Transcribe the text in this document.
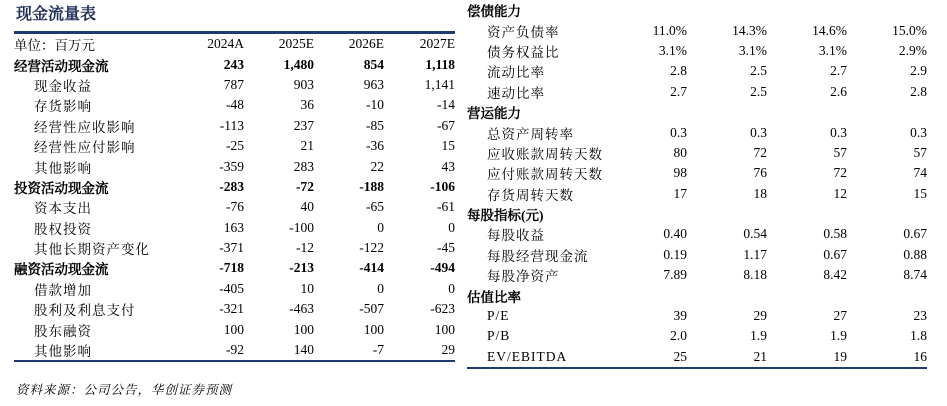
现金流量表
单位：百万元	2024A	2025E	2026E	2027E
经营活动现金流	243	1,480	854	1,118
现金收益	787	903	963	1,141
存货影响	-48	36	-10	-14
经营性应收影响	-113	237	-85	-67
经营性应付影响	-25	21	-36	15
其他影响	-359	283	22	43
投资活动现金流	-283	-72	-188	-106
资本支出	-76	40	-65	-61
股权投资	163	-100	0	0
其他长期资产变化	-371	-12	-122	-45
融资活动现金流	-718	-213	-414	-494
借款增加	-405	10	0	0
股利及利息支付	-321	-463	-507	-623
股东融资	100	100	100	100
其他影响	-92	140	-7	29
偿债能力				
资产负债率	11.0%	14.3%	14.6%	15.0%
债务权益比	3.1%	3.1%	3.1%	2.9%
流动比率	2.8	2.5	2.7	2.9
速动比率	2.7	2.5	2.6	2.8
营运能力				
总资产周转率	0.3	0.3	0.3	0.3
应收账款周转天数	80	72	57	57
应付账款周转天数	98	76	72	74
存货周转天数	17	18	12	15
每股指标(元)				
每股收益	0.40	0.54	0.58	0.67
每股经营现金流	0.19	1.17	0.67	0.88
每股净资产	7.89	8.18	8.42	8.74
估值比率				
P/E	39	29	27	23
P/B	2.0	1.9	1.9	1.8
EV/EBITDA	25	21	19	16
资料来源：公司公告，华创证券预测
